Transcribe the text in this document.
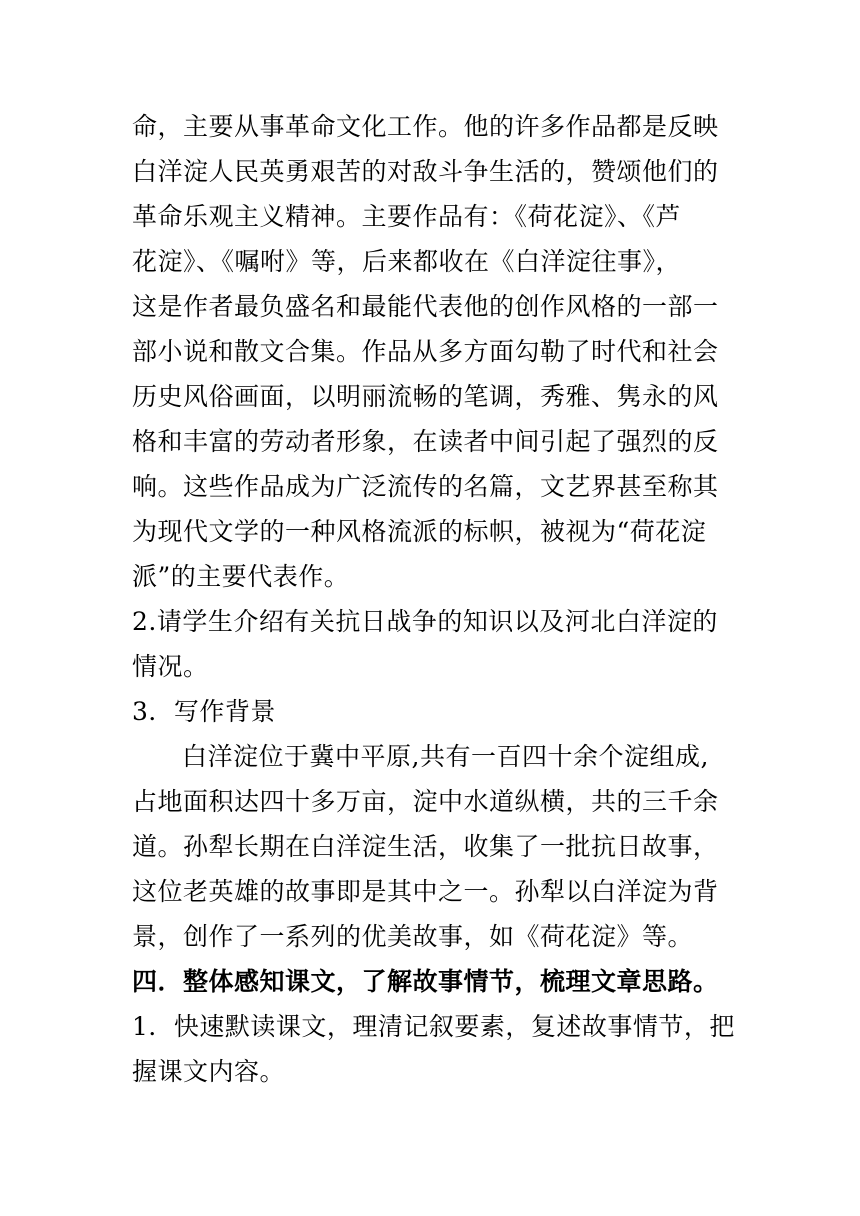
命，主要从事革命文化工作。他的许多作品都是反映
白洋淀人民英勇艰苦的对敌斗争生活的，赞颂他们的
革命乐观主义精神。主要作品有：《荷花淀》、《芦
花淀》、《嘱咐》等，后来都收在《白洋淀往事》，
这是作者最负盛名和最能代表他的创作风格的一部一
部小说和散文合集。作品从多方面勾勒了时代和社会
历史风俗画面，以明丽流畅的笔调，秀雅、隽永的风
格和丰富的劳动者形象，在读者中间引起了强烈的反
响。这些作品成为广泛流传的名篇，文艺界甚至称其
为现代文学的一种风格流派的标帜，被视为“荷花淀
派”的主要代表作。
2.请学生介绍有关抗日战争的知识以及河北白洋淀的
情况。
3．写作背景
白洋淀位于冀中平原,共有一百四十余个淀组成,
占地面积达四十多万亩，淀中水道纵横，共的三千余
道。孙犁长期在白洋淀生活，收集了一批抗日故事，
这位老英雄的故事即是其中之一。孙犁以白洋淀为背
景，创作了一系列的优美故事，如《荷花淀》等。
四．整体感知课文，了解故事情节，梳理文章思路。
1．快速默读课文，理清记叙要素，复述故事情节，把
握课文内容。
